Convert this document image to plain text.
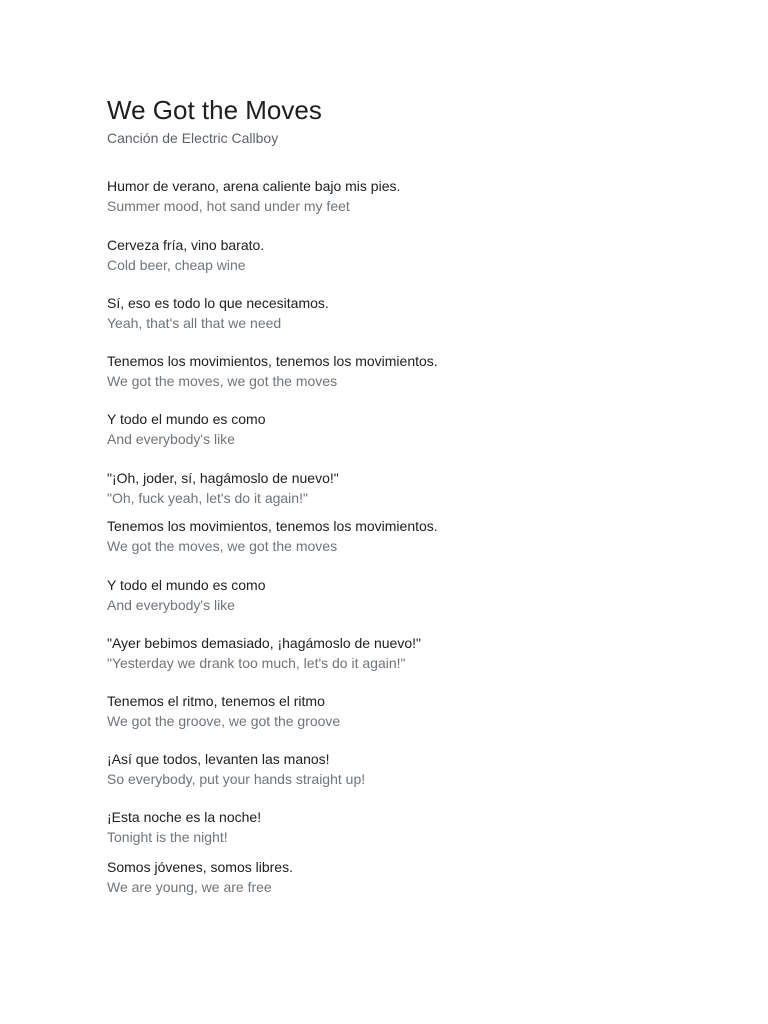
We Got the Moves
Canción de Electric Callboy
Humor de verano, arena caliente bajo mis pies.
Summer mood, hot sand under my feet
Cerveza fría, vino barato.
Cold beer, cheap wine
Sí, eso es todo lo que necesitamos.
Yeah, that's all that we need
Tenemos los movimientos, tenemos los movimientos.
We got the moves, we got the moves
Y todo el mundo es como
And everybody's like
"¡Oh, joder, sí, hagámoslo de nuevo!"
"Oh, fuck yeah, let's do it again!"
Tenemos los movimientos, tenemos los movimientos.
We got the moves, we got the moves
Y todo el mundo es como
And everybody's like
"Ayer bebimos demasiado, ¡hagámoslo de nuevo!"
"Yesterday we drank too much, let's do it again!"
Tenemos el ritmo, tenemos el ritmo
We got the groove, we got the groove
¡Así que todos, levanten las manos!
So everybody, put your hands straight up!
¡Esta noche es la noche!
Tonight is the night!
Somos jóvenes, somos libres.
We are young, we are free
